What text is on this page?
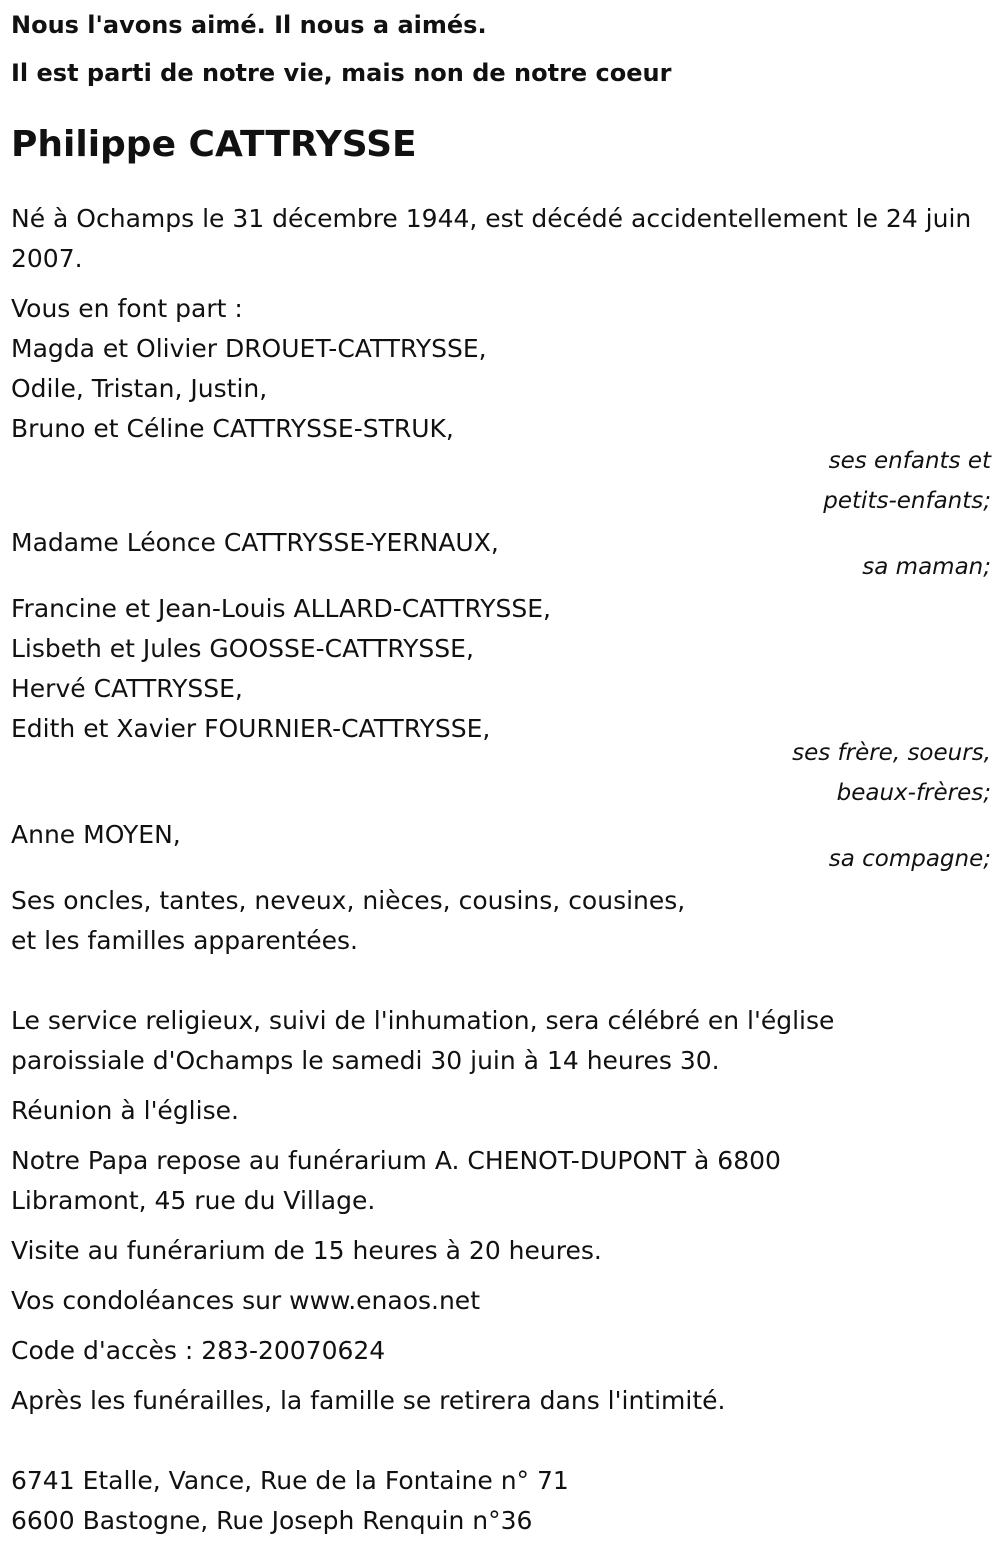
Nous l'avons aimé. Il nous a aimés.

Il est parti de notre vie, mais non de notre coeur

Philippe CATTRYSSE

Né à Ochamps le 31 décembre 1944, est décédé accidentellement le 24 juin 2007.

Vous en font part :

Magda et Olivier DROUET-CATTRYSSE,

Odile, Tristan, Justin,

Bruno et Céline CATTRYSSE-STRUK,

ses enfants et

petits-enfants;

Madame Léonce CATTRYSSE-YERNAUX,

sa maman;

Francine et Jean-Louis ALLARD-CATTRYSSE,

Lisbeth et Jules GOOSSE-CATTRYSSE,

Hervé CATTRYSSE,

Edith et Xavier FOURNIER-CATTRYSSE,

ses frère, soeurs,

beaux-frères;

Anne MOYEN,

sa compagne;

Ses oncles, tantes, neveux, nièces, cousins, cousines,

et les familles apparentées.

Le service religieux, suivi de l'inhumation, sera célébré en l'église

paroissiale d'Ochamps le samedi 30 juin à 14 heures 30.

Réunion à l'église.

Notre Papa repose au funérarium A. CHENOT-DUPONT à 6800

Libramont, 45 rue du Village.

Visite au funérarium de 15 heures à 20 heures.

Vos condoléances sur www.enaos.net

Code d'accès : 283-20070624

Après les funérailles, la famille se retirera dans l'intimité.

6741 Etalle, Vance, Rue de la Fontaine n° 71

6600 Bastogne, Rue Joseph Renquin n°36
